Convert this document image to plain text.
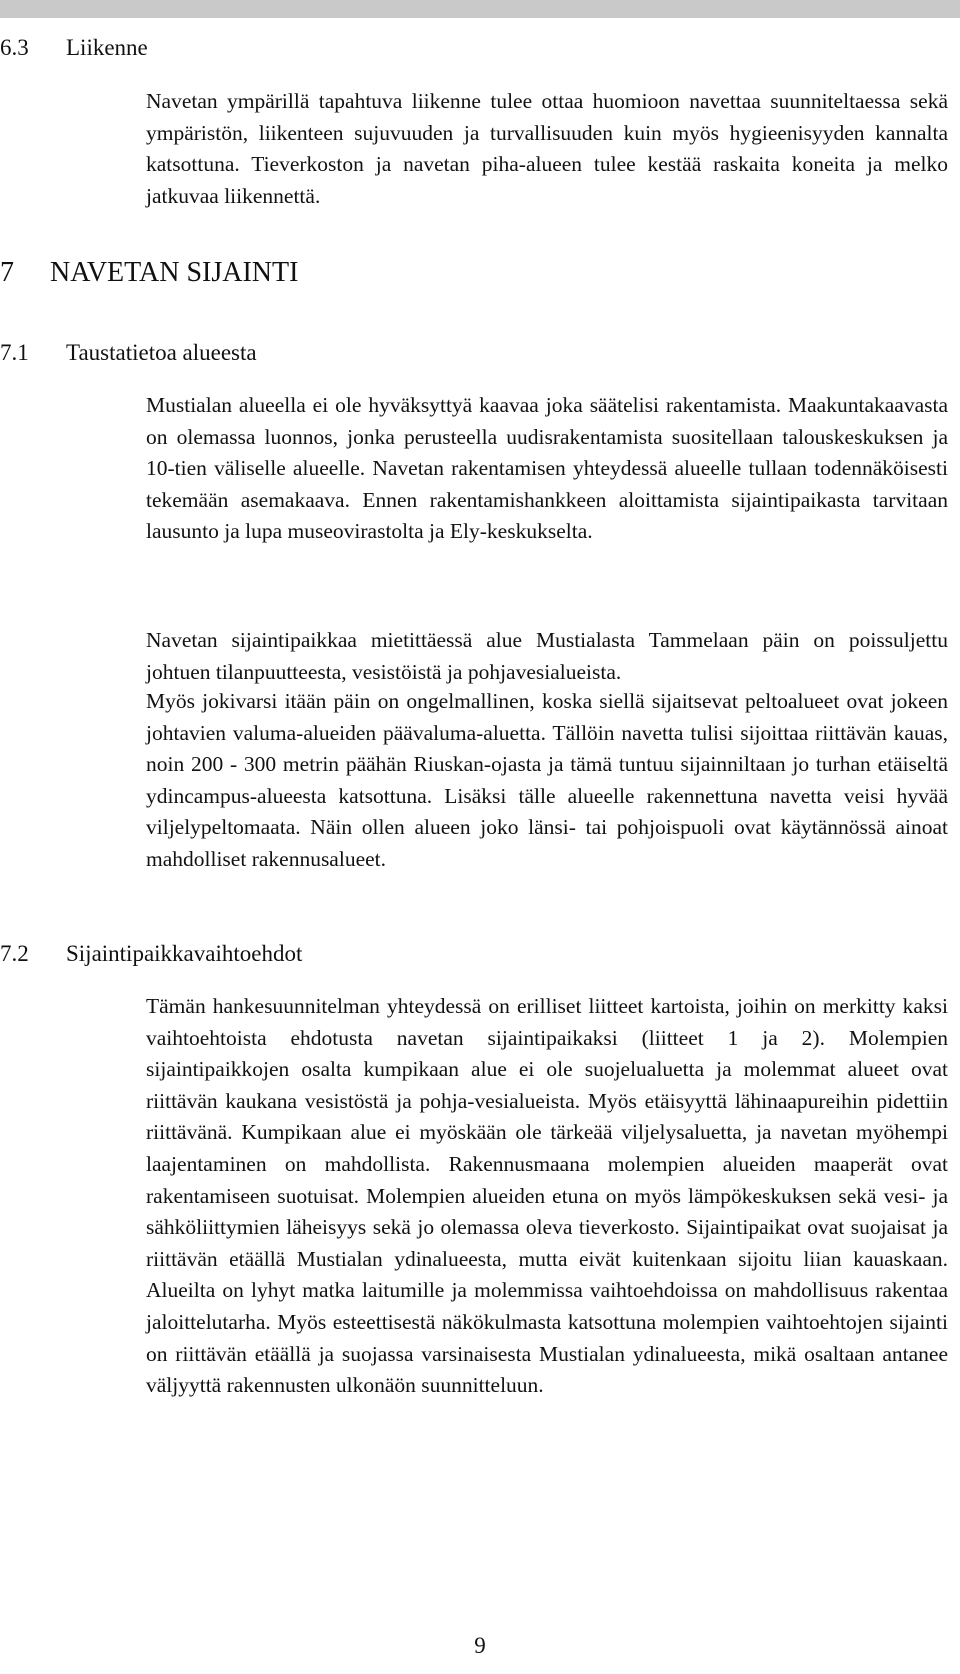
6.3 Liikenne

Navetan ympärillä tapahtuva liikenne tulee ottaa huomioon navettaa suunniteltaessa sekä ympäristön, liikenteen sujuvuuden ja turvallisuuden kuin myös hygieenisyyden kannalta katsottuna. Tieverkoston ja navetan piha-alueen tulee kestää raskaita koneita ja melko jatkuvaa liikennettä.

7 NAVETAN SIJAINTI
7.1 Taustatietoa alueesta

Mustialan alueella ei ole hyväksyttyä kaavaa joka säätelisi rakentamista. Maakuntakaavasta on olemassa luonnos, jonka perusteella uudisrakentamista suositellaan talouskeskuksen ja 10-tien väliselle alueelle. Navetan rakentamisen yhteydessä alueelle tullaan todennäköisesti tekemään asemakaava. Ennen rakentamishankkeen aloittamista sijaintipaikasta tarvitaan lausunto ja lupa museovirastolta ja Ely-keskukselta.

Navetan sijaintipaikkaa mietittäessä alue Mustialasta Tammelaan päin on poissuljettu johtuen tilanpuutteesta, vesistöistä ja pohjavesialueista.

Myös jokivarsi itään päin on ongelmallinen, koska siellä sijaitsevat peltoalueet ovat jokeen johtavien valuma-alueiden päävaluma-aluetta. Tällöin navetta tulisi sijoittaa riittävän kauas, noin 200 - 300 metrin päähän Riuskan-ojasta ja tämä tuntuu sijainniltaan jo turhan etäiseltä ydincampus-alueesta katsottuna. Lisäksi tälle alueelle rakennettuna navetta veisi hyvää viljelypeltomaata. Näin ollen alueen joko länsi- tai pohjoispuoli ovat käytännössä ainoat mahdolliset rakennusalueet.

7.2 Sijaintipaikkavaihtoehdot

Tämän hankesuunnitelman yhteydessä on erilliset liitteet kartoista, joihin on merkitty kaksi vaihtoehtoista ehdotusta navetan sijaintipaikaksi (liitteet 1 ja 2). Molempien sijaintipaikkojen osalta kumpikaan alue ei ole suojelualuetta ja molemmat alueet ovat riittävän kaukana vesistöstä ja pohja-vesialueista. Myös etäisyyttä lähinaapureihin pidettiin riittävänä. Kumpikaan alue ei myöskään ole tärkeää viljelysaluetta, ja navetan myöhempi laajentaminen on mahdollista. Rakennusmaana molempien alueiden maaperät ovat rakentamiseen suotuisat. Molempien alueiden etuna on myös lämpökeskuksen sekä vesi- ja sähköliittymien läheisyys sekä jo olemassa oleva tieverkosto. Sijaintipaikat ovat suojaisat ja riittävän etäällä Mustialan ydinalueesta, mutta eivät kuitenkaan sijoitu liian kauaskaan. Alueilta on lyhyt matka laitumille ja molemmissa vaihtoehdoissa on mahdollisuus rakentaa jaloittelutarha. Myös esteettisestä näkökulmasta katsottuna molempien vaihtoehtojen sijainti on riittävän etäällä ja suojassa varsinaisesta Mustialan ydinalueesta, mikä osaltaan antanee väljyyttä rakennusten ulkonäön suunnitteluun.

9
